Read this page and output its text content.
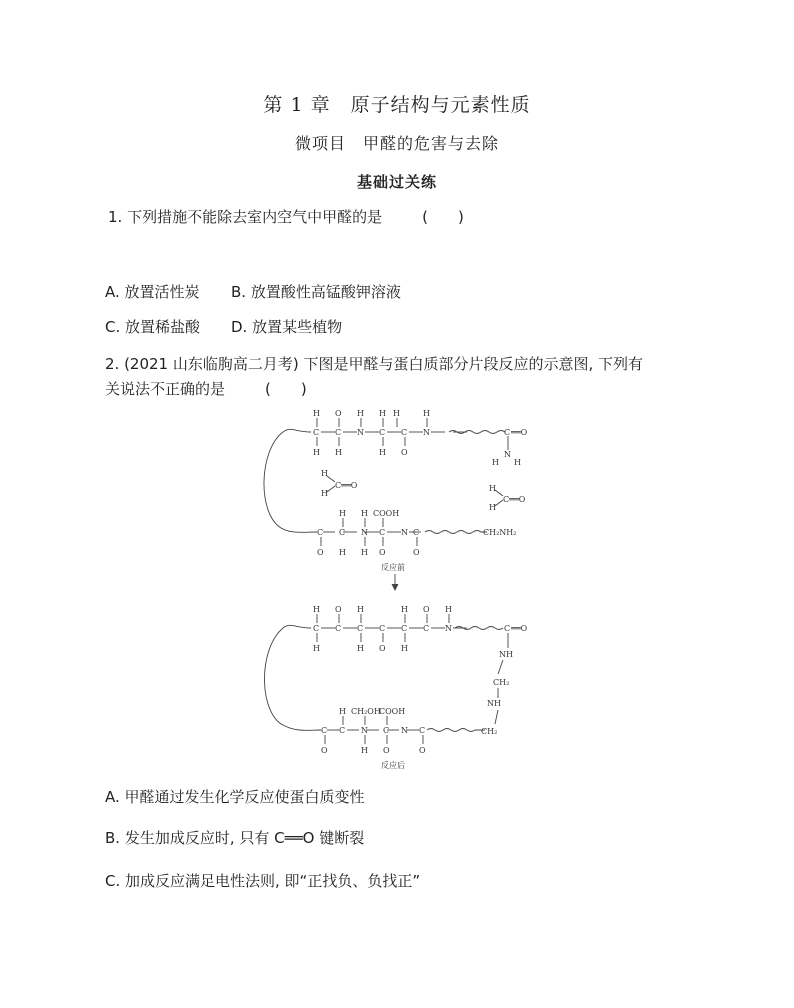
第 1 章　原子结构与元素性质
微项目　甲醛的危害与去除
基础过关练
1. 下列措施不能除去室内空气中甲醛的是	(　　)
A. 放置活性炭 B. 放置酸性高锰酸钾溶液
C. 放置稀盐酸 D. 放置某些植物
2. (2021 山东临朐高二月考) 下图是甲醛与蛋白质部分片段反应的示意图, 下列有
关说法不正确的是	(　　)
H
C
H
O
C
H
H
N
H
C
H
C
O
H	H
N	C ══O
N
H H
H
H
C══O	H
H
C══O
H H COOH
C C N C N C
O H H O	O
CH₂NH₂
反应前
H
C
H
O
C
H
C
H
C
O
H
C
H
O
C
H
N	C ══O
NH
CH₂
NH
CH₂
H CH₂OH
COOH
C C N C N C
O	H O	O
反应后
A. 甲醛通过发生化学反应使蛋白质变性
B. 发生加成反应时, 只有 C══O 键断裂
C. 加成反应满足电性法则, 即“正找负、负找正”
